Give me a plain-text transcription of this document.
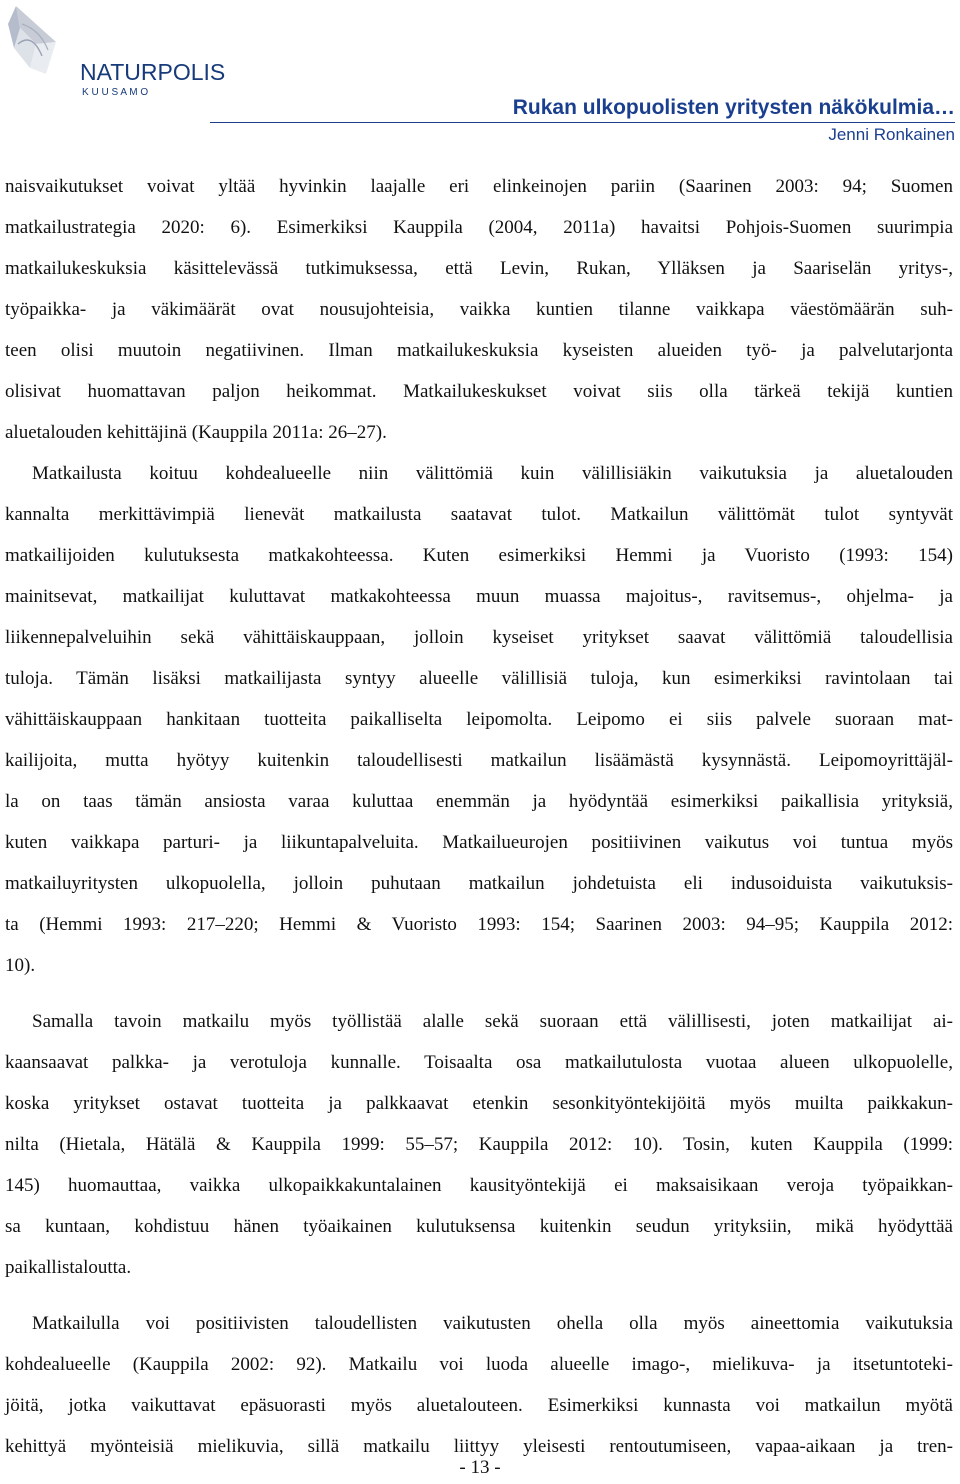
NATURPOLIS
K U U S A M O
Rukan ulkopuolisten yritysten näkökulmia…
Jenni Ronkainen
naisvaikutukset voivat yltää hyvinkin laajalle eri elinkeinojen pariin (Saarinen 2003: 94; Suomen
matkailustrategia 2020: 6). Esimerkiksi Kauppila (2004, 2011a) havaitsi Pohjois-Suomen suurimpia
matkailukeskuksia käsittelevässä tutkimuksessa, että Levin, Rukan, Ylläksen ja Saariselän yritys-,
työpaikka- ja väkimäärät ovat nousujohteisia, vaikka kuntien tilanne vaikkapa väestömäärän suh-
teen olisi muutoin negatiivinen. Ilman matkailukeskuksia kyseisten alueiden työ- ja palvelutarjonta
olisivat huomattavan paljon heikommat. Matkailukeskukset voivat siis olla tärkeä tekijä kuntien
aluetalouden kehittäjinä (Kauppila 2011a: 26–27).
Matkailusta koituu kohdealueelle niin välittömiä kuin välillisiäkin vaikutuksia ja aluetalouden
kannalta merkittävimpiä lienevät matkailusta saatavat tulot. Matkailun välittömät tulot syntyvät
matkailijoiden kulutuksesta matkakohteessa. Kuten esimerkiksi Hemmi ja Vuoristo (1993: 154)
mainitsevat, matkailijat kuluttavat matkakohteessa muun muassa majoitus-, ravitsemus-, ohjelma- ja
liikennepalveluihin sekä vähittäiskauppaan, jolloin kyseiset yritykset saavat välittömiä taloudellisia
tuloja. Tämän lisäksi matkailijasta syntyy alueelle välillisiä tuloja, kun esimerkiksi ravintolaan tai
vähittäiskauppaan hankitaan tuotteita paikalliselta leipomolta. Leipomo ei siis palvele suoraan mat-
kailijoita, mutta hyötyy kuitenkin taloudellisesti matkailun lisäämästä kysynnästä. Leipomoyrittäjäl-
la on taas tämän ansiosta varaa kuluttaa enemmän ja hyödyntää esimerkiksi paikallisia yrityksiä,
kuten vaikkapa parturi- ja liikuntapalveluita. Matkailueurojen positiivinen vaikutus voi tuntua myös
matkailuyritysten ulkopuolella, jolloin puhutaan matkailun johdetuista eli indusoiduista vaikutuksis-
ta (Hemmi 1993: 217–220; Hemmi & Vuoristo 1993: 154; Saarinen 2003: 94–95; Kauppila 2012:
10).
Samalla tavoin matkailu myös työllistää alalle sekä suoraan että välillisesti, joten matkailijat ai-
kaansaavat palkka- ja verotuloja kunnalle. Toisaalta osa matkailutulosta vuotaa alueen ulkopuolelle,
koska yritykset ostavat tuotteita ja palkkaavat etenkin sesonkityöntekijöitä myös muilta paikkakun-
nilta (Hietala, Hätälä & Kauppila 1999: 55–57; Kauppila 2012: 10). Tosin, kuten Kauppila (1999:
145) huomauttaa, vaikka ulkopaikkakuntalainen kausityöntekijä ei maksaisikaan veroja työpaikkan-
sa kuntaan, kohdistuu hänen työaikainen kulutuksensa kuitenkin seudun yrityksiin, mikä hyödyttää
paikallistaloutta.
Matkailulla voi positiivisten taloudellisten vaikutusten ohella olla myös aineettomia vaikutuksia
kohdealueelle (Kauppila 2002: 92). Matkailu voi luoda alueelle imago-, mielikuva- ja itsetuntoteki-
jöitä, jotka vaikuttavat epäsuorasti myös aluetalouteen. Esimerkiksi kunnasta voi matkailun myötä
kehittyä myönteisiä mielikuvia, sillä matkailu liittyy yleisesti rentoutumiseen, vapaa-aikaan ja tren-
- 13 -
